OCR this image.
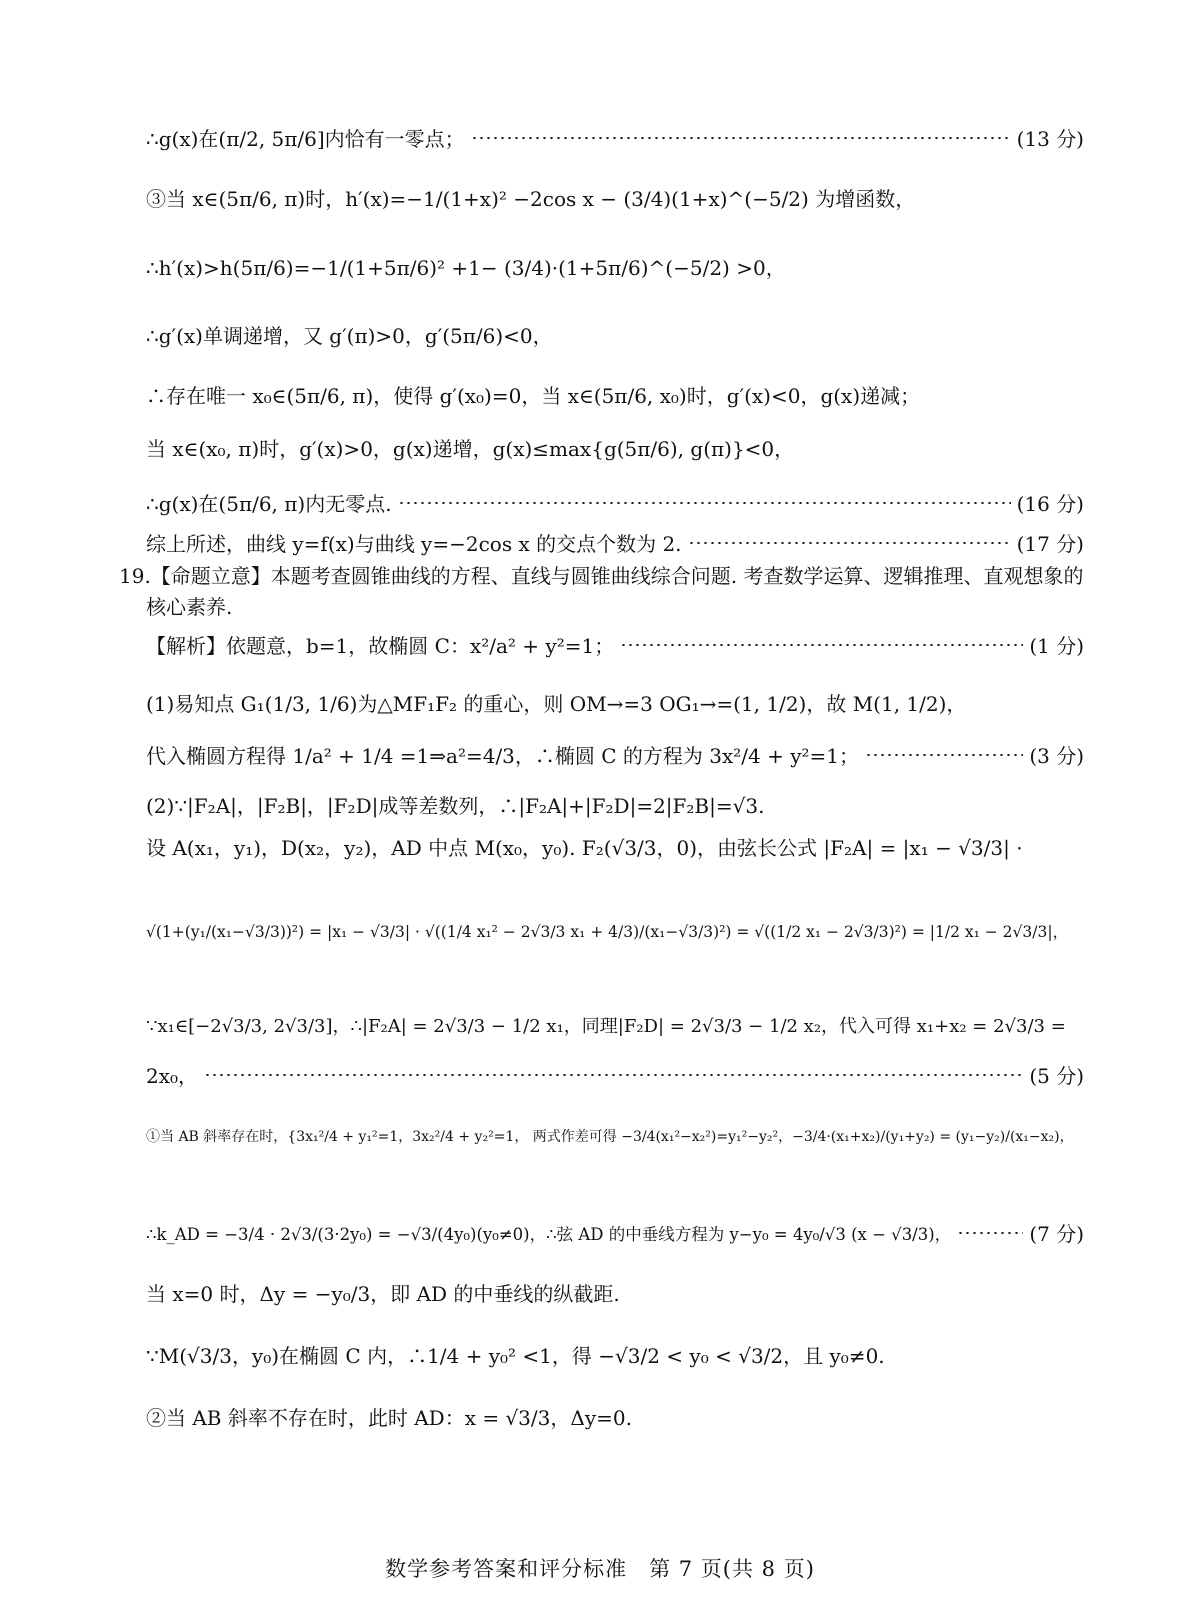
∴g(x)在(π/2, 5π/6]内恰有一零点；	(13 分)
③当 x∈(5π/6, π)时，h′(x)=−1/(1+x)² −2cos x − (3/4)(1+x)^(−5/2) 为增函数，
∴h′(x)>h(5π/6)=−1/(1+5π/6)² +1− (3/4)·(1+5π/6)^(−5/2) >0，
∴g′(x)单调递增，又 g′(π)>0，g′(5π/6)<0，
∴存在唯一 x₀∈(5π/6, π)，使得 g′(x₀)=0，当 x∈(5π/6, x₀)时，g′(x)<0，g(x)递减；
当 x∈(x₀, π)时，g′(x)>0，g(x)递增，g(x)≤max{g(5π/6), g(π)}<0，
∴g(x)在(5π/6, π)内无零点.	(16 分)
综上所述，曲线 y=f(x)与曲线 y=−2cos x 的交点个数为 2.	(17 分)
19.【命题立意】本题考查圆锥曲线的方程、直线与圆锥曲线综合问题. 考查数学运算、逻辑推理、直观想象的
核心素养.
【解析】依题意，b=1，故椭圆 C：x²/a² + y²=1；	(1 分)
(1)易知点 G₁(1/3, 1/6)为△MF₁F₂ 的重心，则 OM→=3 OG₁→=(1, 1/2)，故 M(1, 1/2)，
代入椭圆方程得 1/a² + 1/4 =1⇒a²=4/3，∴椭圆 C 的方程为 3x²/4 + y²=1；	(3 分)
(2)∵|F₂A|，|F₂B|，|F₂D|成等差数列，∴|F₂A|+|F₂D|=2|F₂B|=√3.
设 A(x₁，y₁)，D(x₂，y₂)，AD 中点 M(x₀，y₀). F₂(√3/3，0)，由弦长公式 |F₂A| = |x₁ − √3/3| ·
√(1+(y₁/(x₁−√3/3))²) = |x₁ − √3/3| · √((1/4 x₁² − 2√3/3 x₁ + 4/3)/(x₁−√3/3)²) = √((1/2 x₁ − 2√3/3)²) = |1/2 x₁ − 2√3/3|，
∵x₁∈[−2√3/3, 2√3/3]，∴|F₂A| = 2√3/3 − 1/2 x₁，同理|F₂D| = 2√3/3 − 1/2 x₂，代入可得 x₁+x₂ = 2√3/3 =
2x₀，	(5 分)
①当 AB 斜率存在时，{3x₁²/4 + y₁²=1，3x₂²/4 + y₂²=1， 两式作差可得 −3/4(x₁²−x₂²)=y₁²−y₂²，−3/4·(x₁+x₂)/(y₁+y₂) = (y₁−y₂)/(x₁−x₂)，
∴k_AD = −3/4 · 2√3/(3·2y₀) = −√3/(4y₀)(y₀≠0)，∴弦 AD 的中垂线方程为 y−y₀ = 4y₀/√3 (x − √3/3)，	(7 分)
当 x=0 时，Δy = −y₀/3，即 AD 的中垂线的纵截距.
∵M(√3/3，y₀)在椭圆 C 内，∴1/4 + y₀² <1，得 −√3/2 < y₀ < √3/2，且 y₀≠0.
②当 AB 斜率不存在时，此时 AD：x = √3/3，Δy=0.
数学参考答案和评分标准　第 7 页(共 8 页)
